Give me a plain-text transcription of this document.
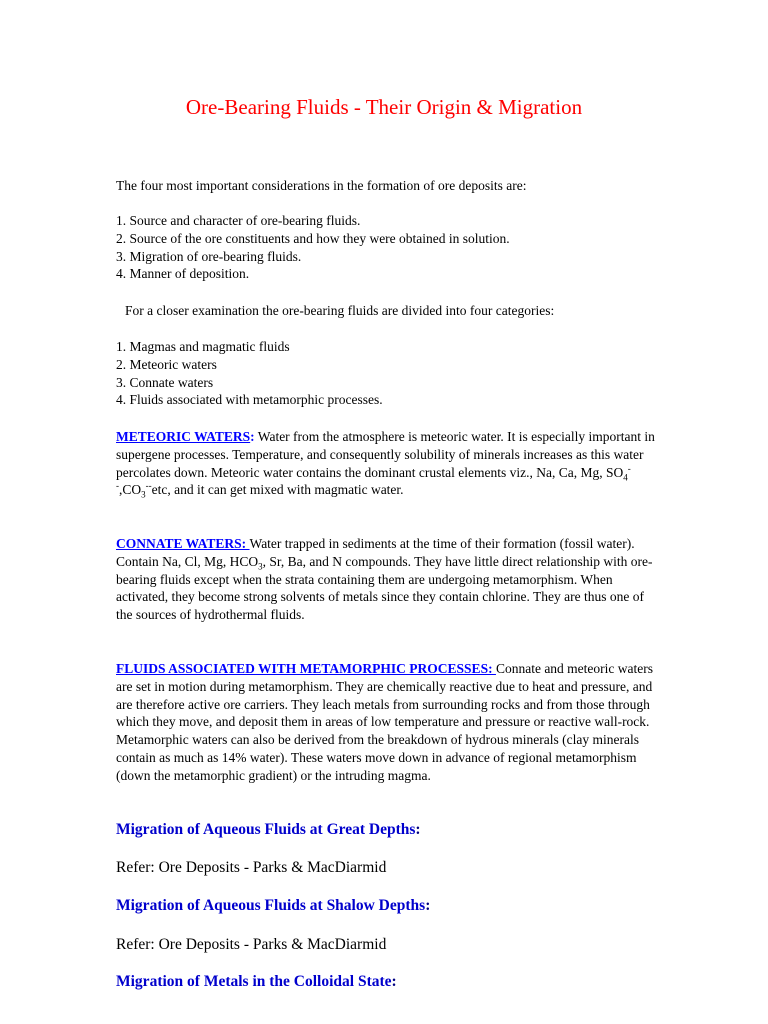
Ore-Bearing Fluids - Their Origin & Migration

The four most important considerations in the formation of ore deposits are:

1. Source and character of ore-bearing fluids.

2. Source of the ore constituents and how they were obtained in solution.

3. Migration of ore-bearing fluids.

4. Manner of deposition.

For a closer examination the ore-bearing fluids are divided into four categories:

1. Magmas and magmatic fluids

2. Meteoric waters

3. Connate waters

4. Fluids associated with metamorphic processes.

METEORIC WATERS: Water from the atmosphere is meteoric water. It is especially important in supergene processes. Temperature, and consequently solubility of minerals increases as this water percolates down. Meteoric water contains the dominant crustal elements viz., Na, Ca, Mg, $SO_4^{--},CO_3^{--}etc$, and it can get mixed with magmatic water.

CONNATE WATERS: Water trapped in sediments at the time of their formation (fossil water). Contain Na, Cl, Mg, $HCO_3$, Sr, Ba, and N compounds. They have little direct relationship with ore-bearing fluids except when the strata containing them are undergoing metamorphism. When activated, they become strong solvents of metals since they contain chlorine. They are thus one of the sources of hydrothermal fluids.

FLUIDS ASSOCIATED WITH METAMORPHIC PROCESSES: Connate and meteoric waters are set in motion during metamorphism. They are chemically reactive due to heat and pressure, and are therefore active ore carriers. They leach metals from surrounding rocks and from those through which they move, and deposit them in areas of low temperature and pressure or reactive wall-rock. Metamorphic waters can also be derived from the breakdown of hydrous minerals (clay minerals contain as much as 14% water). These waters move down in advance of regional metamorphism (down the metamorphic gradient) or the intruding magma.

Migration of Aqueous Fluids at Great Depths:
Refer: Ore Deposits - Parks & MacDiarmid
Migration of Aqueous Fluids at Shalow Depths:
Refer: Ore Deposits - Parks & MacDiarmid
Migration of Metals in the Colloidal State:
